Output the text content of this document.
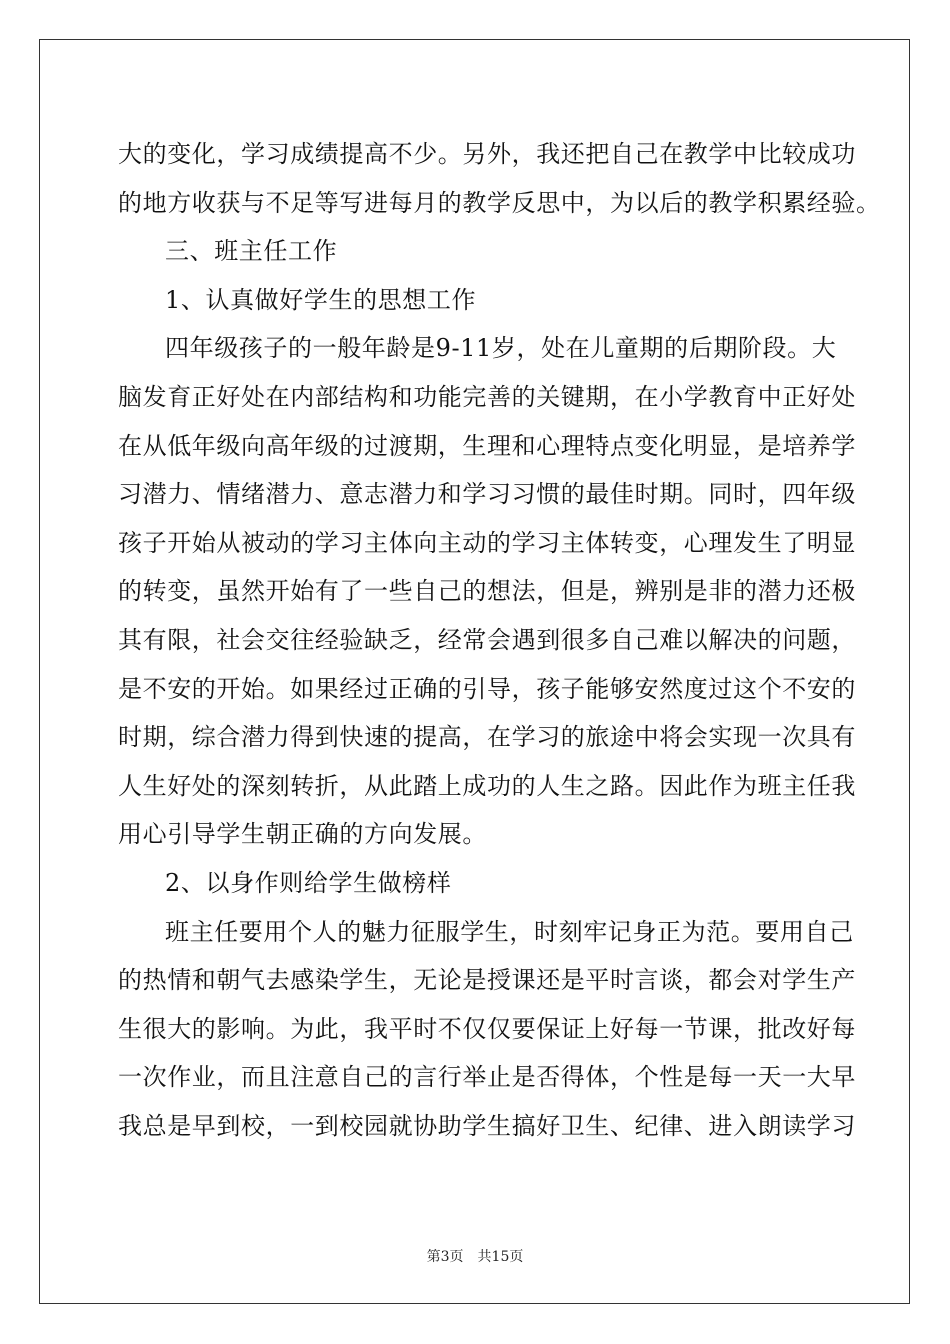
大的变化，学习成绩提高不少。另外，我还把自己在教学中比较成功
的地方收获与不足等写进每月的教学反思中，为以后的教学积累经验。
三、班主任工作
1、认真做好学生的思想工作
四年级孩子的一般年龄是9-11岁，处在儿童期的后期阶段。大
脑发育正好处在内部结构和功能完善的关键期，在小学教育中正好处
在从低年级向高年级的过渡期，生理和心理特点变化明显，是培养学
习潜力、情绪潜力、意志潜力和学习习惯的最佳时期。同时，四年级
孩子开始从被动的学习主体向主动的学习主体转变，心理发生了明显
的转变，虽然开始有了一些自己的想法，但是，辨别是非的潜力还极
其有限，社会交往经验缺乏，经常会遇到很多自己难以解决的问题，
是不安的开始。如果经过正确的引导，孩子能够安然度过这个不安的
时期，综合潜力得到快速的提高，在学习的旅途中将会实现一次具有
人生好处的深刻转折，从此踏上成功的人生之路。因此作为班主任我
用心引导学生朝正确的方向发展。
2、以身作则给学生做榜样
班主任要用个人的魅力征服学生，时刻牢记身正为范。要用自己
的热情和朝气去感染学生，无论是授课还是平时言谈，都会对学生产
生很大的影响。为此，我平时不仅仅要保证上好每一节课，批改好每
一次作业，而且注意自己的言行举止是否得体，个性是每一天一大早
我总是早到校，一到校园就协助学生搞好卫生、纪律、进入朗读学习
第3页 共15页
